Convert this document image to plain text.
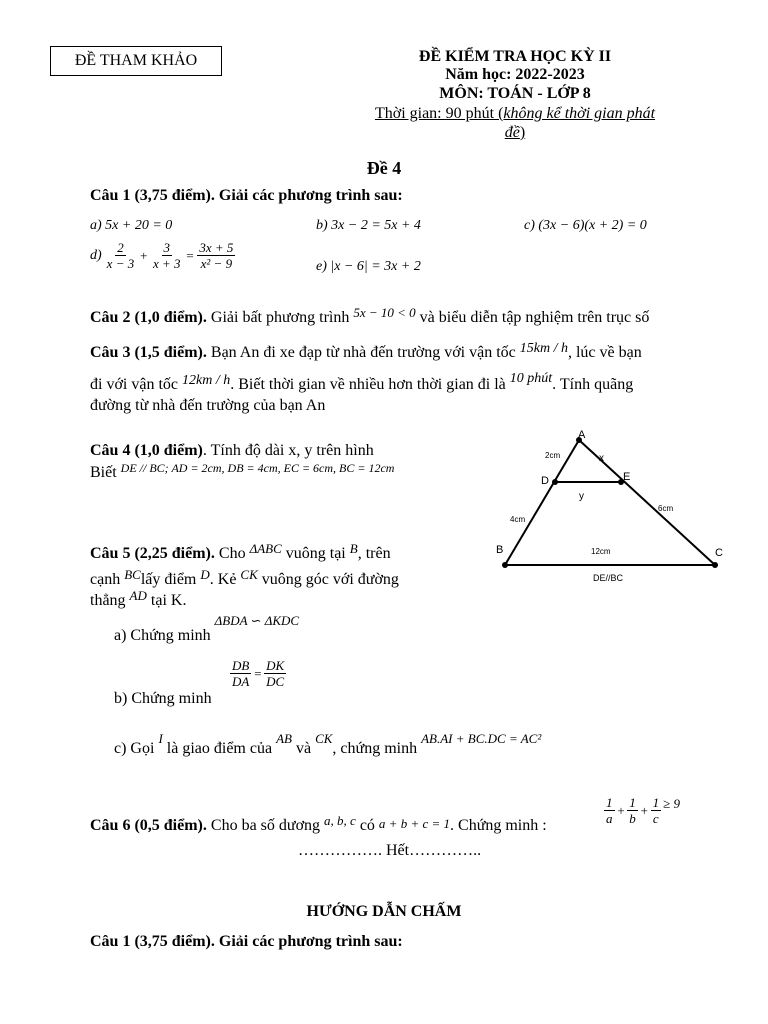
ĐỀ THAM KHẢO	ĐỀ KIỂM TRA HỌC KỲ II
Năm học: 2022-2023
MÔN: TOÁN - LỚP 8
Thời gian: 90 phút (không kể thời gian phát
đề)
Đề 4
Câu 1 (3,75 điểm). Giải các phương trình sau:
a) 5x + 20 = 0	b) 3x − 2 = 5x + 4	c) (3x − 6)(x + 2) = 0
$d) \frac{2}{x - 3} + \frac{3}{x + 3} = \frac{3x + 5}{\text{x² − 9}}$	e) |x − 6| = 3x + 2
Câu 2 (1,0 điểm). Giải bất phương trình $^{5x - 10 < 0}$ và biểu diễn tập nghiệm trên trục số
Câu 3 (1,5 điểm). Bạn An đi xe đạp từ nhà đến trường với vận tốc 15km / h, lúc về bạn
đi với vận tốc 12km / h. Biết thời gian về nhiều hơn thời gian đi là 10 phút. Tính quãng
đường từ nhà đến trường của bạn An
Câu 4 (1,0 điểm). Tính độ dài x, y trên hình
Biết $^{DE // BC; AD = 2cm, DB = 4cm, EC = 6cm, BC = 12cm}$
A
B	C
D	E
x
y
2cm
4cm
6cm
12cm
DE//BC
Câu 5 (2,25 điểm). Cho $^{\Delta ABC}$ vuông tại $^B$, trên
cạnh $^{BC}$lấy điểm $^D$. Kẻ $^{CK}$ vuông góc với đường
thẳng $^{AD}$ tại K.
a) Chứng minh $^{\Delta BDA ∽ \Delta KDC}$
b) Chứng minh
$\frac{DB}{DA} = \frac{DK}{DC}$
c) Gọi $^I$ là giao điểm của $^{AB}$ và $^{CK}$, chứng minh $^{AB.AI + BC.DC = AC^2}$
Câu 6 (0,5 điểm). Cho ba số dương $^{a, b, c}$ có a + b + c = 1. Chứng minh :	$\frac{1}{a} + \frac{1}{b} + \frac{1}{c} \ge 9$
……………. Hết…………..
HƯỚNG DẪN CHẤM
Câu 1 (3,75 điểm). Giải các phương trình sau:
